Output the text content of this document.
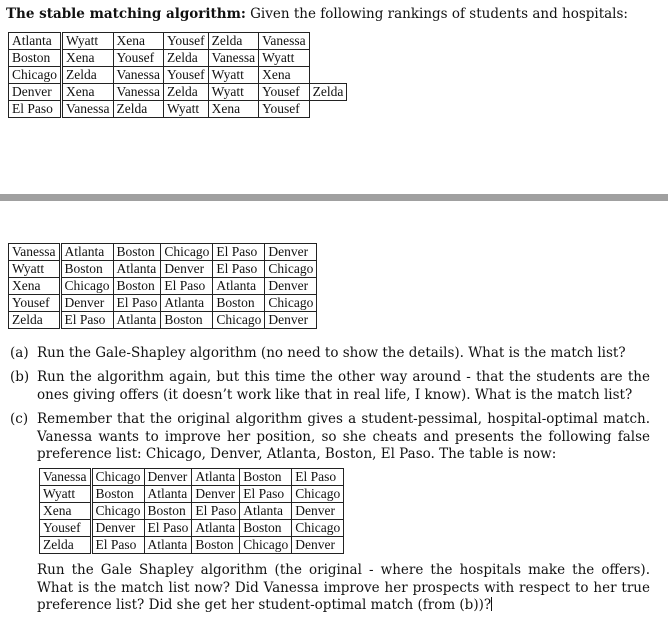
The stable matching algorithm: Given the following rankings of students and hospitals:
Atlanta	Wyatt	Xena	Yousef	Zelda	Vanessa	
Boston	Xena	Yousef	Zelda	Vanessa	Wyatt	
Chicago	Zelda	Vanessa	Yousef	Wyatt	Xena	
Denver	Xena	Vanessa	Zelda	Wyatt	Yousef	Zelda
El Paso	Vanessa	Zelda	Wyatt	Xena	Yousef	
Vanessa	Atlanta	Boston	Chicago	El Paso	Denver
Wyatt	Boston	Atlanta	Denver	El Paso	Chicago
Xena	Chicago	Boston	El Paso	Atlanta	Denver
Yousef	Denver	El Paso	Atlanta	Boston	Chicago
Zelda	El Paso	Atlanta	Boston	Chicago	Denver
(a) Run the Gale-Shapley algorithm (no need to show the details). What is the match list?
(b) Run the algorithm again, but this time the other way around - that the students are the ones giving offers (it doesn’t work like that in real life, I know). What is the match list?
(c) Remember that the original algorithm gives a student-pessimal, hospital-optimal match. Vanessa wants to improve her position, so she cheats and presents the following false preference list: Chicago, Denver, Atlanta, Boston, El Paso. The table is now:
Vanessa	Chicago	Denver	Atlanta	Boston	El Paso
Wyatt	Boston	Atlanta	Denver	El Paso	Chicago
Xena	Chicago	Boston	El Paso	Atlanta	Denver
Yousef	Denver	El Paso	Atlanta	Boston	Chicago
Zelda	El Paso	Atlanta	Boston	Chicago	Denver
Run the Gale Shapley algorithm (the original - where the hospitals make the offers). What is the match list now? Did Vanessa improve her prospects with respect to her true preference list? Did she get her student-optimal match (from (b))?
